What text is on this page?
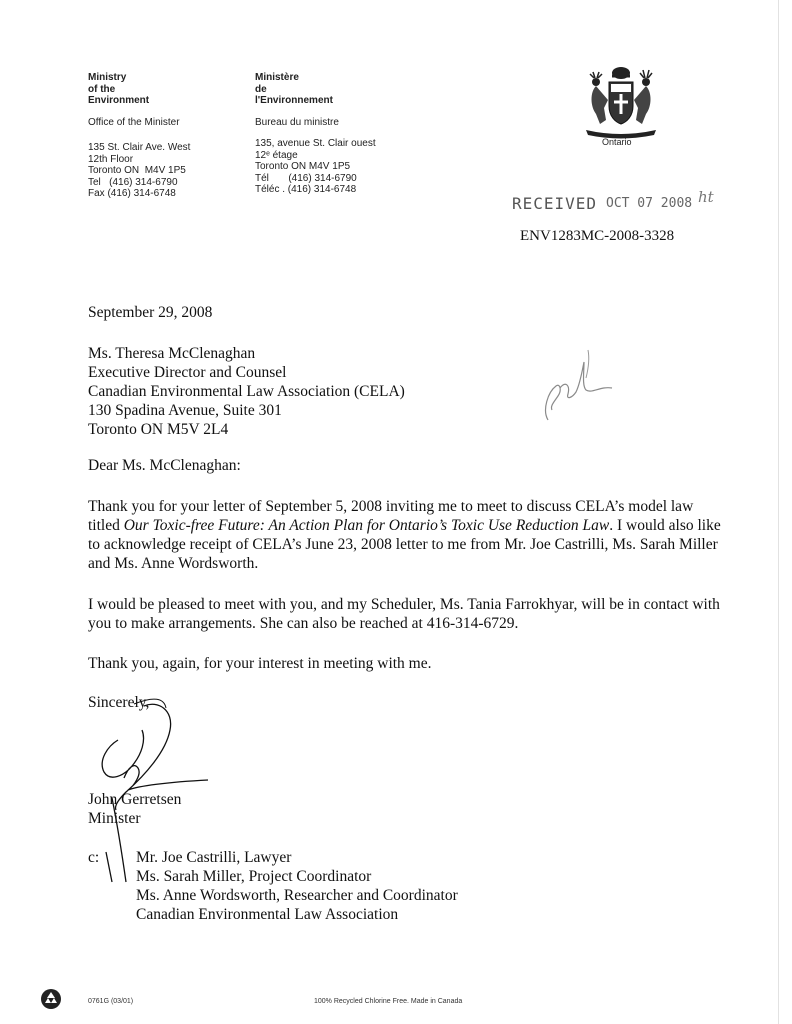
Ministry
of the
Environment
Office of the Minister
135 St. Clair Ave. West
12th Floor
Toronto ON  M4V 1P5
Tel   (416) 314-6790
Fax (416) 314-6748
Ministère
de
l'Environnement
Bureau du ministre
135, avenue St. Clair ouest
12ᵉ étage
Toronto ON M4V 1P5
Tél       (416) 314-6790
Téléc . (416) 314-6748
Ontario
RECEIVED OCT 07 2008 ht
ENV1283MC-2008-3328
September 29, 2008
Ms. Theresa McClenaghan
Executive Director and Counsel
Canadian Environmental Law Association (CELA)
130 Spadina Avenue, Suite 301
Toronto ON M5V 2L4
Dear Ms. McClenaghan:
Thank you for your letter of September 5, 2008 inviting me to meet to discuss CELA’s model law titled Our Toxic-free Future: An Action Plan for Ontario’s Toxic Use Reduction Law. I would also like to acknowledge receipt of CELA’s June 23, 2008 letter to me from Mr. Joe Castrilli, Ms. Sarah Miller and Ms. Anne Wordsworth.
I would be pleased to meet with you, and my Scheduler, Ms. Tania Farrokhyar, will be in contact with you to make arrangements. She can also be reached at 416-314-6729.
Thank you, again, for your interest in meeting with me.
Sincerely,
John Gerretsen
Minister
c: Mr. Joe Castrilli, Lawyer
Ms. Sarah Miller, Project Coordinator
Ms. Anne Wordsworth, Researcher and Coordinator
Canadian Environmental Law Association
0761G (03/01)	100% Recycled Chlorine Free. Made in Canada
